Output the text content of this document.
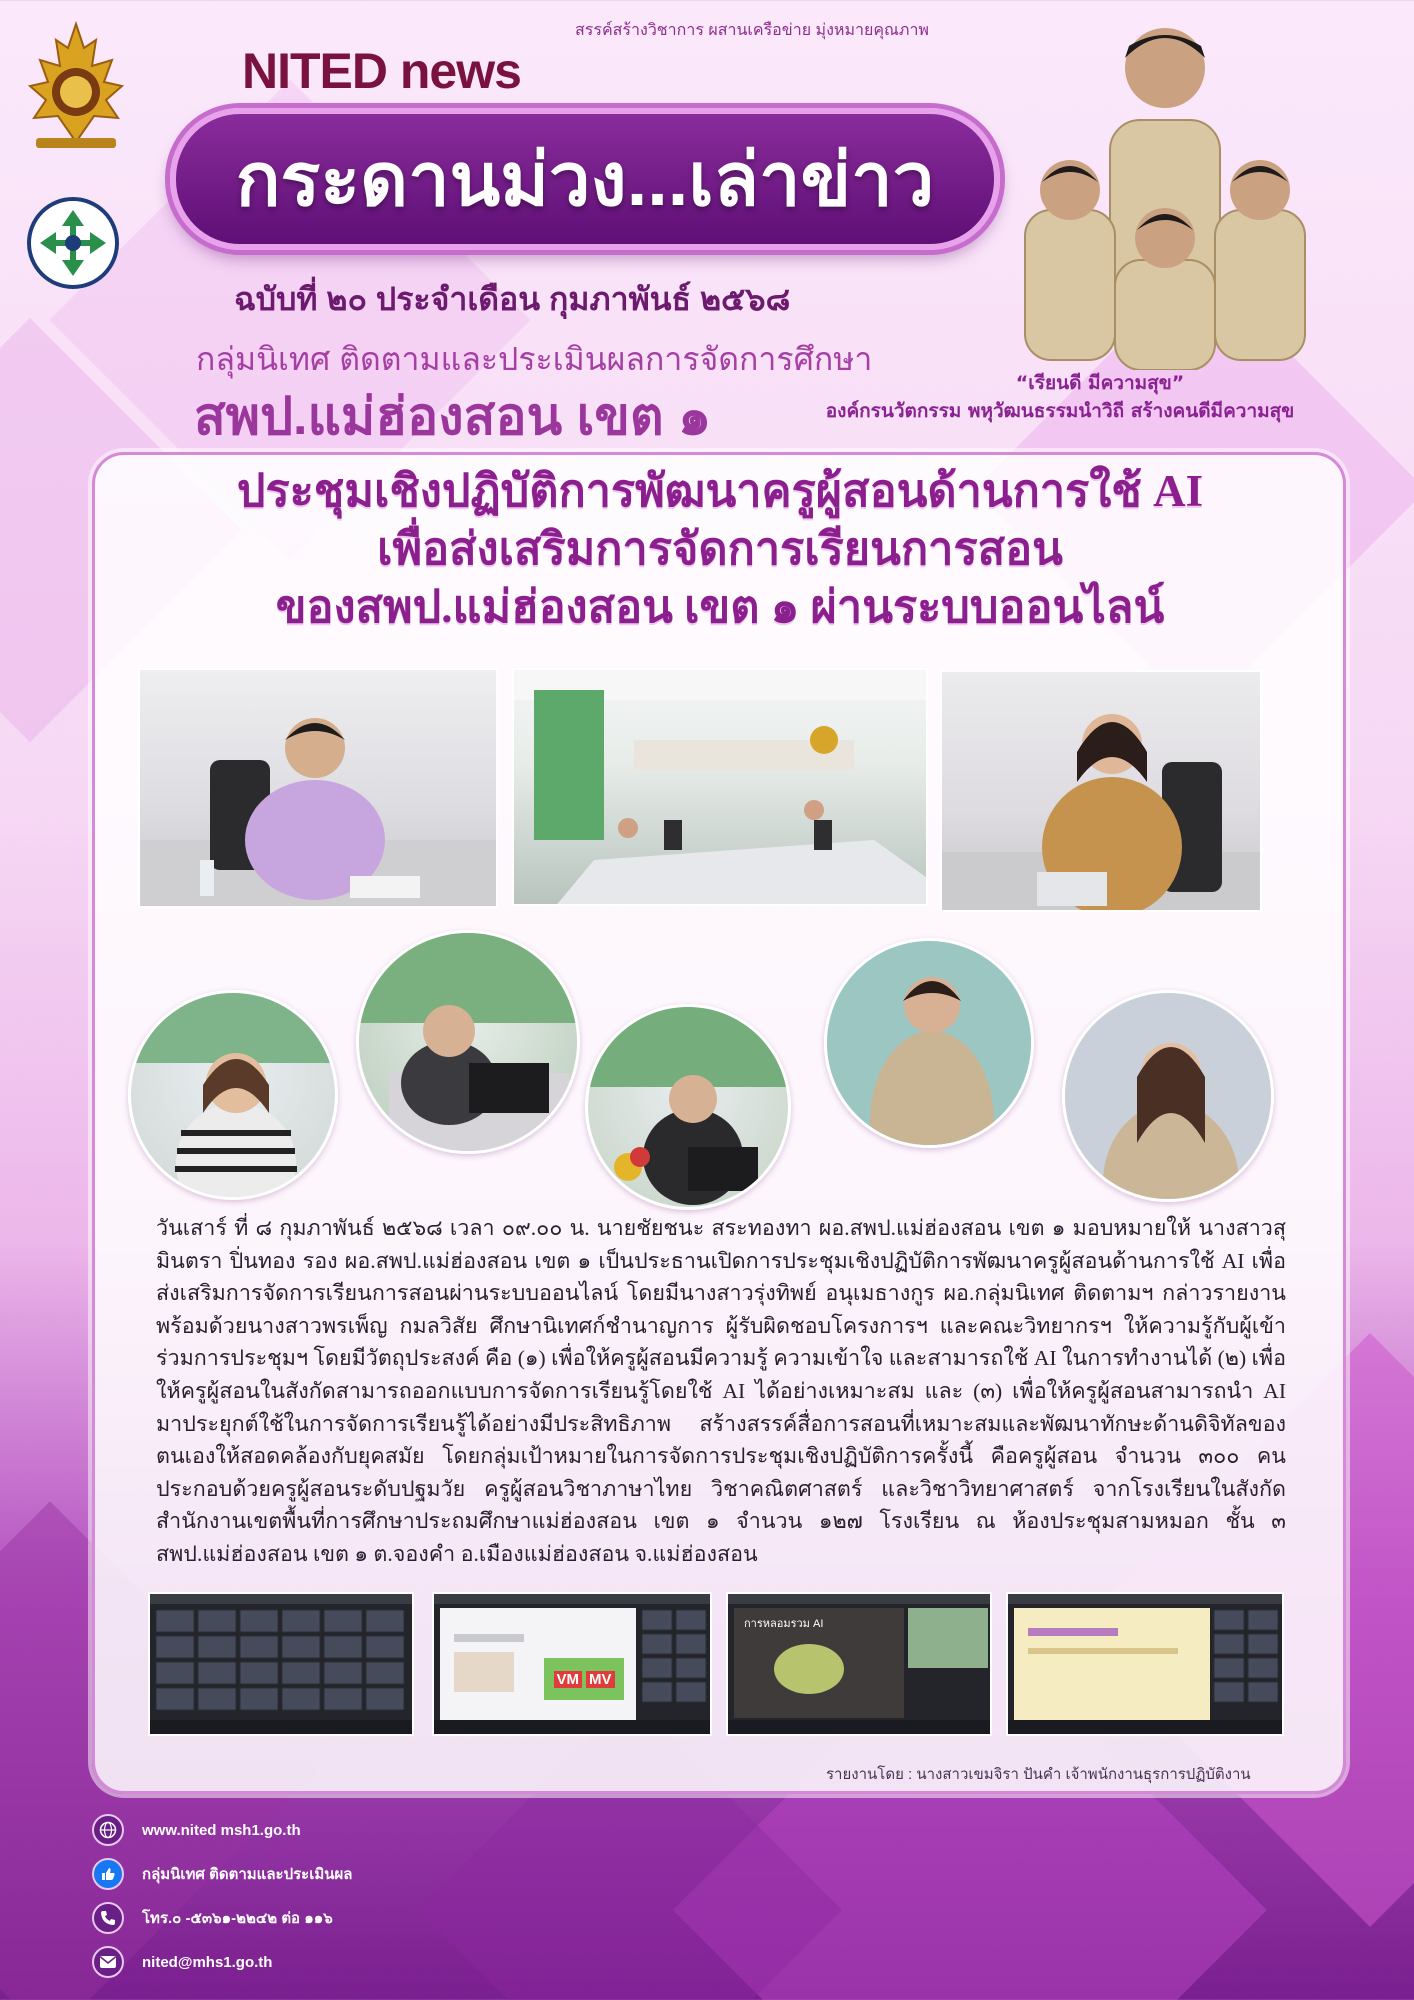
สรรค์สร้างวิชาการ ผสานเครือข่าย มุ่งหมายคุณภาพ
NITED news
กระดานม่วง...เล่าข่าว
ฉบับที่ ๒๐ ประจำเดือน กุมภาพันธ์ ๒๕๖๘
กลุ่มนิเทศ ติดตามและประเมินผลการจัดการศึกษา
สพป.แม่ฮ่องสอน เขต ๑
“เรียนดี มีความสุข”
องค์กรนวัตกรรม พหุวัฒนธรรมนำวิถี สร้างคนดีมีความสุข
ประชุมเชิงปฏิบัติการพัฒนาครูผู้สอนด้านการใช้ AI
เพื่อส่งเสริมการจัดการเรียนการสอน
ของสพป.แม่ฮ่องสอน เขต ๑ ผ่านระบบออนไลน์
วันเสาร์ ที่ ๘ กุมภาพันธ์ ๒๕๖๘ เวลา ๐๙.๐๐ น. นายชัยชนะ สระทองทา ผอ.สพป.แม่ฮ่องสอน เขต ๑ มอบหมายให้ นางสาวสุมินตรา ปิ่นทอง รอง ผอ.สพป.แม่ฮ่องสอน เขต ๑ เป็นประธานเปิดการประชุมเชิงปฏิบัติการพัฒนาครูผู้สอนด้านการใช้ AI เพื่อส่งเสริมการจัดการเรียนการสอนผ่านระบบออนไลน์ โดยมีนางสาวรุ่งทิพย์ อนุเมธางกูร ผอ.กลุ่มนิเทศ ติดตามฯ กล่าวรายงาน พร้อมด้วยนางสาวพรเพ็ญ กมลวิสัย ศึกษานิเทศก์ชำนาญการ ผู้รับผิดชอบโครงการฯ และคณะวิทยากรฯ ให้ความรู้กับผู้เข้าร่วมการประชุมฯ โดยมีวัตถุประสงค์ คือ (๑) เพื่อให้ครูผู้สอนมีความรู้ ความเข้าใจ และสามารถใช้ AI ในการทำงานได้ (๒) เพื่อให้ครูผู้สอนในสังกัดสามารถออกแบบการจัดการเรียนรู้โดยใช้ AI ได้อย่างเหมาะสม และ (๓) เพื่อให้ครูผู้สอนสามารถนำ AI มาประยุกต์ใช้ในการจัดการเรียนรู้ได้อย่างมีประสิทธิภาพ สร้างสรรค์สื่อการสอนที่เหมาะสมและพัฒนาทักษะด้านดิจิทัลของตนเองให้สอดคล้องกับยุคสมัย โดยกลุ่มเป้าหมายในการจัดการประชุมเชิงปฏิบัติการครั้งนี้ คือครูผู้สอน จำนวน ๓๐๐ คน ประกอบด้วยครูผู้สอนระดับปฐมวัย ครูผู้สอนวิชาภาษาไทย วิชาคณิตศาสตร์ และวิชาวิทยาศาสตร์ จากโรงเรียนในสังกัดสำนักงานเขตพื้นที่การศึกษาประถมศึกษาแม่ฮ่องสอน เขต ๑ จำนวน ๑๒๗ โรงเรียน ณ ห้องประชุมสามหมอก ชั้น ๓ สพป.แม่ฮ่องสอน เขต ๑ ต.จองคำ อ.เมืองแม่ฮ่องสอน จ.แม่ฮ่องสอน
VM MV
การหลอมรวม AI
รายงานโดย : นางสาวเขมจิรา ปันคำ เจ้าพนักงานธุรการปฏิบัติงาน
www.nited msh1.go.th
กลุ่มนิเทศ ติดตามและประเมินผล
โทร.๐ -๕๓๖๑-๒๒๔๒ ต่อ ๑๑๖
nited@mhs1.go.th
